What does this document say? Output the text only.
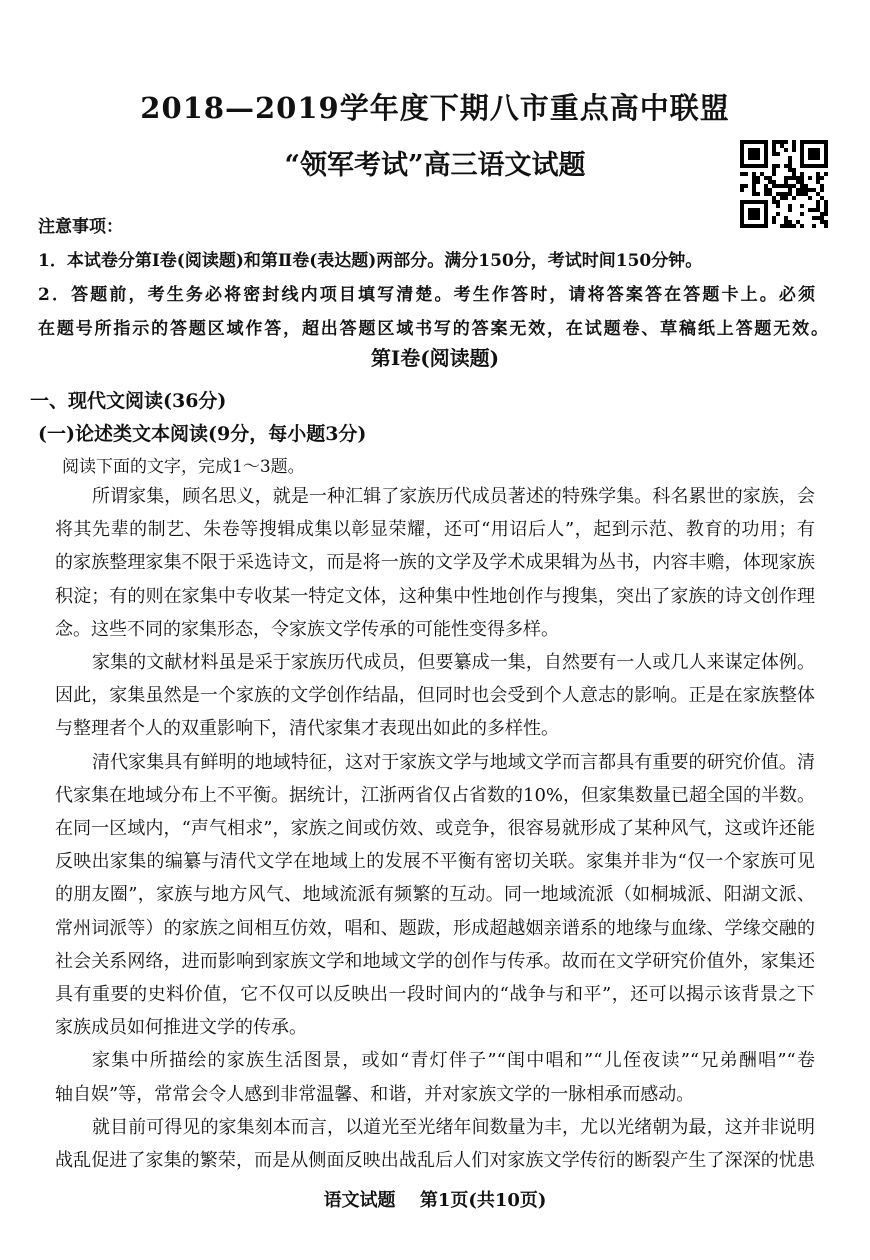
2018—2019学年度下期八市重点高中联盟
“领军考试”高三语文试题
注意事项：
1．本试卷分第Ⅰ卷(阅读题)和第Ⅱ卷(表达题)两部分。满分150分，考试时间150分钟。
2．答题前，考生务必将密封线内项目填写清楚。考生作答时，请将答案答在答题卡上。必须
在题号所指示的答题区域作答，超出答题区域书写的答案无效，在试题卷、草稿纸上答题无效。
第Ⅰ卷(阅读题)
一、现代文阅读(36分)
(一)论述类文本阅读(9分，每小题3分)
阅读下面的文字，完成1～3题。
所谓家集，顾名思义，就是一种汇辑了家族历代成员著述的特殊学集。科名累世的家族，会
将其先辈的制艺、朱卷等搜辑成集以彰显荣耀，还可“用诏后人”，起到示范、教育的功用；有
的家族整理家集不限于采选诗文，而是将一族的文学及学术成果辑为丛书，内容丰赡，体现家族
积淀；有的则在家集中专收某一特定文体，这种集中性地创作与搜集，突出了家族的诗文创作理
念。这些不同的家集形态，令家族文学传承的可能性变得多样。
家集的文献材料虽是采于家族历代成员，但要纂成一集，自然要有一人或几人来谋定体例。
因此，家集虽然是一个家族的文学创作结晶，但同时也会受到个人意志的影响。正是在家族整体
与整理者个人的双重影响下，清代家集才表现出如此的多样性。
清代家集具有鲜明的地域特征，这对于家族文学与地域文学而言都具有重要的研究价值。清
代家集在地域分布上不平衡。据统计，江浙两省仅占省数的10%，但家集数量已超全国的半数。
在同一区域内，“声气相求”，家族之间或仿效、或竞争，很容易就形成了某种风气，这或许还能
反映出家集的编纂与清代文学在地域上的发展不平衡有密切关联。家集并非为“仅一个家族可见
的朋友圈”，家族与地方风气、地域流派有频繁的互动。同一地域流派（如桐城派、阳湖文派、
常州词派等）的家族之间相互仿效，唱和、题跋，形成超越姻亲谱系的地缘与血缘、学缘交融的
社会关系网络，进而影响到家族文学和地域文学的创作与传承。故而在文学研究价值外，家集还
具有重要的史料价值，它不仅可以反映出一段时间内的“战争与和平”，还可以揭示该背景之下
家族成员如何推进文学的传承。
家集中所描绘的家族生活图景，或如“青灯伴子”“闺中唱和”“儿侄夜读”“兄弟酬唱”“卷
轴自娱”等，常常会令人感到非常温馨、和谐，并对家族文学的一脉相承而感动。
就目前可得见的家集刻本而言，以道光至光绪年间数量为丰，尤以光绪朝为最，这并非说明
战乱促进了家集的繁荣，而是从侧面反映出战乱后人们对家族文学传衍的断裂产生了深深的忧患
语文试题 第1页(共10页)
